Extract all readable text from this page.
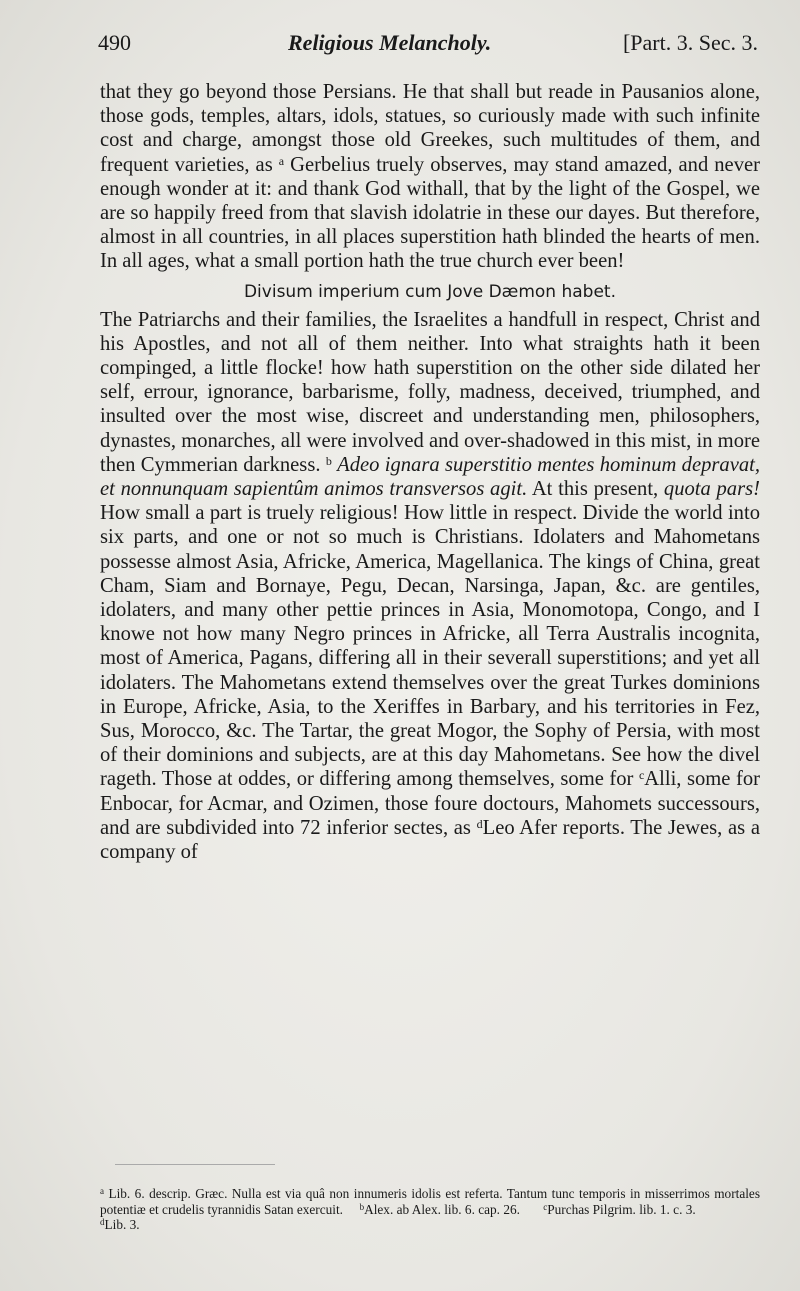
490	Religious Melancholy.	[Part. 3. Sec. 3.

that they go beyond those Persians. He that shall but reade in Pausanios alone, those gods, temples, altars, idols, statues, so curiously made with such infinite cost and charge, amongst those old Greekes, such multitudes of them, and frequent varieties, as $^a$ Gerbelius truely observes, may stand amazed, and never enough wonder at it: and thank God withall, that by the light of the Gospel, we are so happily freed from that slavish idolatrie in these our dayes. But therefore, almost in all countries, in all places superstition hath blinded the hearts of men. In all ages, what a small portion hath the true church ever been!

Divisum imperium cum Jove Dæmon habet.

The Patriarchs and their families, the Israelites a handfull in respect, Christ and his Apostles, and not all of them neither. Into what straights hath it been compinged, a little flocke! how hath superstition on the other side dilated her self, errour, ignorance, barbarisme, folly, madness, deceived, triumphed, and insulted over the most wise, discreet and understanding men, philosophers, dynastes, monarches, all were involved and over-shadowed in this mist, in more then Cymmerian darkness. $^b$ Adeo ignara superstitio mentes hominum depravat, et nonnunquam sapientûm animos transversos agit. At this present, quota pars! How small a part is truely religious! How little in respect. Divide the world into six parts, and one or not so much is Christians. Idolaters and Mahometans possesse almost Asia, Africke, America, Magellanica. The kings of China, great Cham, Siam and Bornaye, Pegu, Decan, Narsinga, Japan, &c. are gentiles, idolaters, and many other pettie princes in Asia, Monomotopa, Congo, and I knowe not how many Negro princes in Africke, all Terra Australis incognita, most of America, Pagans, differing all in their severall superstitions; and yet all idolaters. The Mahometans extend themselves over the great Turkes dominions in Europe, Africke, Asia, to the Xeriffes in Barbary, and his territories in Fez, Sus, Morocco, &c. The Tartar, the great Mogor, the Sophy of Persia, with most of their dominions and subjects, are at this day Mahometans. See how the divel rageth. Those at oddes, or differing among themselves, some for $^c$Alli, some for Enbocar, for Acmar, and Ozimen, those foure doctours, Mahomets successours, and are subdivided into 72 inferior sectes, as $^d$Leo Afer reports. The Jewes, as a company of

$^a$ Lib. 6. descrip. Græc. Nulla est via quâ non innumeris idolis est referta. Tantum tunc temporis in misserrimos mortales potentiæ et crudelis tyrannidis Satan exercuit. $^b$Alex. ab Alex. lib. 6. cap. 26.	$^c$Purchas Pilgrim. lib. 1. c. 3.

$^d$Lib. 3.
